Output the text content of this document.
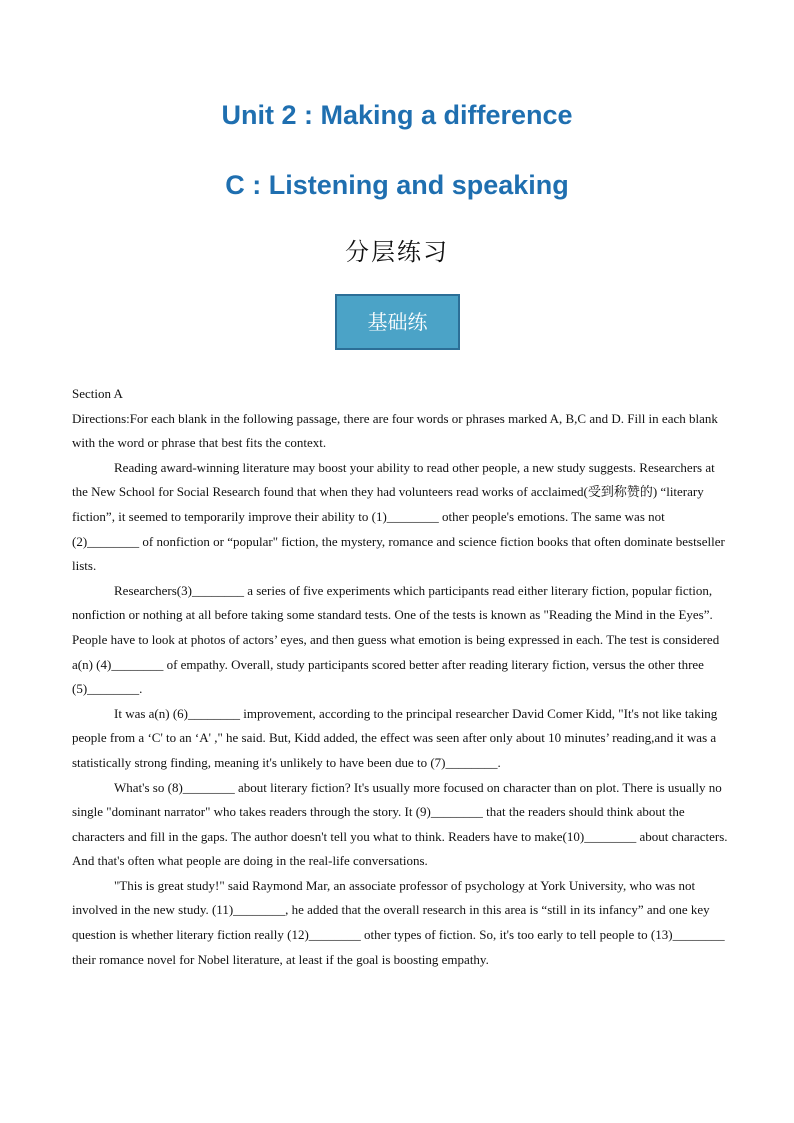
Unit 2 : Making a difference
C : Listening and speaking
分层练习
基础练

Section A

Directions:For each blank in the following passage, there are four words or phrases marked A, B,C and D. Fill in each blank with the word or phrase that best fits the context.

Reading award-winning literature may boost your ability to read other people, a new study suggests. Researchers at the New School for Social Research found that when they had volunteers read works of acclaimed(受到称赞的) “literary fiction”, it seemed to temporarily improve their ability to (1)________ other people's emotions. The same was not (2)________ of nonfiction or “popular" fiction, the mystery, romance and science fiction books that often dominate bestseller lists.

Researchers(3)________ a series of five experiments which participants read either literary fiction, popular fiction, nonfiction or nothing at all before taking some standard tests. One of the tests is known as "Reading the Mind in the Eyes”. People have to look at photos of actors’ eyes, and then guess what emotion is being expressed in each. The test is considered a(n) (4)________ of empathy. Overall, study participants scored better after reading literary fiction, versus the other three (5)________.

It was a(n) (6)________ improvement, according to the principal researcher David Comer Kidd, "It's not like taking people from a ‘C' to an ‘A' ," he said. But, Kidd added, the effect was seen after only about 10 minutes’ reading,and it was a statistically strong finding, meaning it's unlikely to have been due to (7)________.

What's so (8)________ about literary fiction? It's usually more focused on character than on plot. There is usually no single "dominant narrator" who takes readers through the story. It (9)________ that the readers should think about the characters and fill in the gaps. The author doesn't tell you what to think. Readers have to make(10)________ about characters. And that's often what people are doing in the real-life conversations.

"This is great study!" said Raymond Mar, an associate professor of psychology at York University, who was not involved in the new study. (11)________, he added that the overall research in this area is “still in its infancy” and one key question is whether literary fiction really (12)________ other types of fiction. So, it's too early to tell people to (13)________ their romance novel for Nobel literature, at least if the goal is boosting empathy.
